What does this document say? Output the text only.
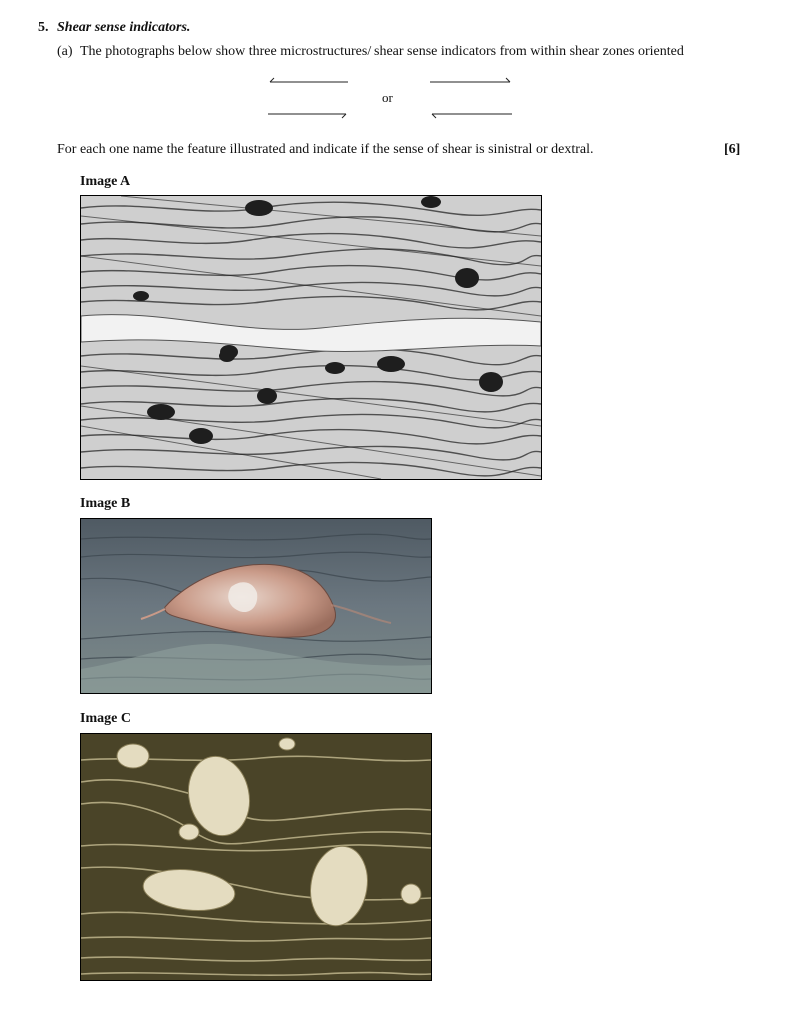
5. Shear sense indicators.
(a) The photographs below show three microstructures/ shear sense indicators from within shear zones oriented
or
For each one name the feature illustrated and indicate if the sense of shear is sinistral or dextral.	[6]
Image A
Image B
Image C
